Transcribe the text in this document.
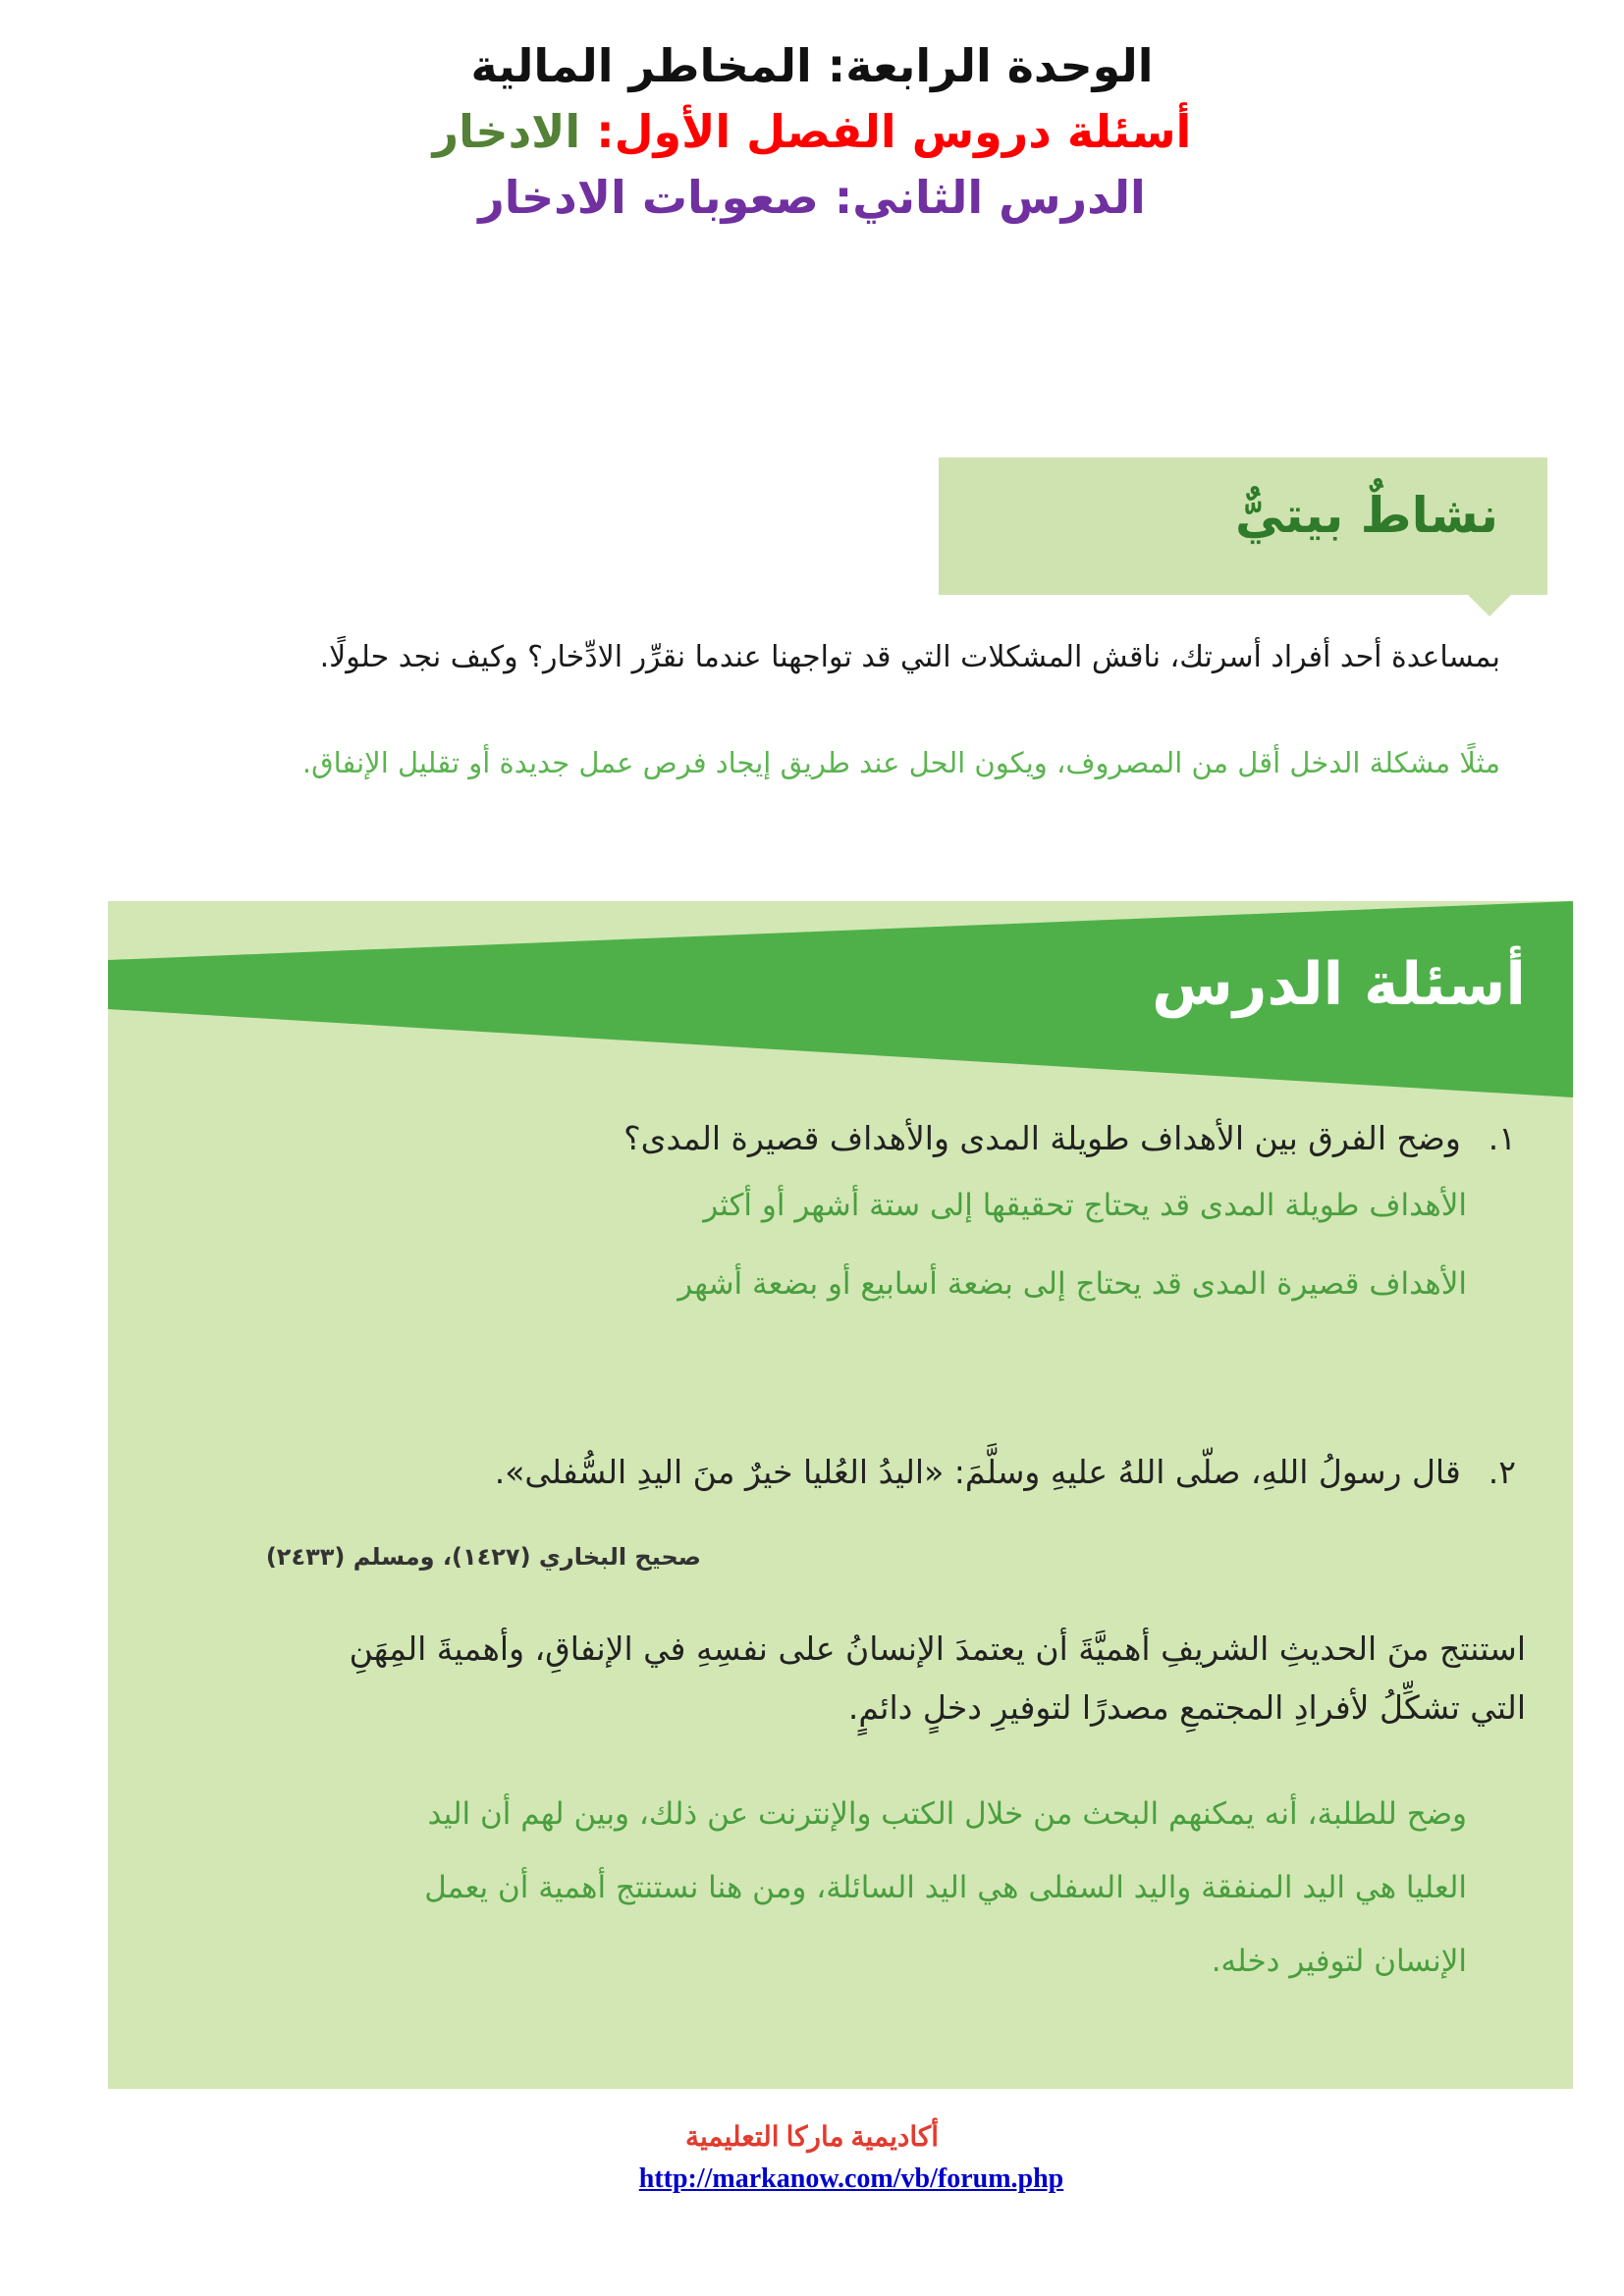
الوحدة الرابعة: المخاطر المالية

أسئلة دروس الفصل الأول: الادخار

الدرس الثاني: صعوبات الادخار

نشاطٌ بيتيٌّ
بمساعدة أحد أفراد أسرتك، ناقش المشكلات التي قد تواجهنا عندما نقرِّر الادِّخار؟ وكيف نجد حلولًا.
مثلًا مشكلة الدخل أقل من المصروف، ويكون الحل عند طريق إيجاد فرص عمل جديدة أو تقليل الإنفاق.
أسئلة الدرس
١.وضح الفرق بين الأهداف طويلة المدى والأهداف قصيرة المدى؟
الأهداف طويلة المدى قد يحتاج تحقيقها إلى ستة أشهر أو أكثر
الأهداف قصيرة المدى قد يحتاج إلى بضعة أسابيع أو بضعة أشهر
٢.قال رسولُ اللهِ، صلّى اللهُ عليهِ وسلَّمَ: «اليدُ العُليا خيرٌ منَ اليدِ السُّفلى».
صحيح البخاري (١٤٢٧)، ومسلم (٢٤٣٣)
استنتج منَ الحديثِ الشريفِ أهميَّةَ أن يعتمدَ الإنسانُ على نفسِهِ في الإنفاقِ، وأهميةَ المِهَنِ
التي تشكِّلُ لأفرادِ المجتمعِ مصدرًا لتوفيرِ دخلٍ دائمٍ.
وضح للطلبة، أنه يمكنهم البحث من خلال الكتب والإنترنت عن ذلك، وبين لهم أن اليد
العليا هي اليد المنفقة واليد السفلى هي اليد السائلة، ومن هنا نستنتج أهمية أن يعمل
الإنسان لتوفير دخله.
أكاديمية ماركا التعليمية
http://markanow.com/vb/forum.php
